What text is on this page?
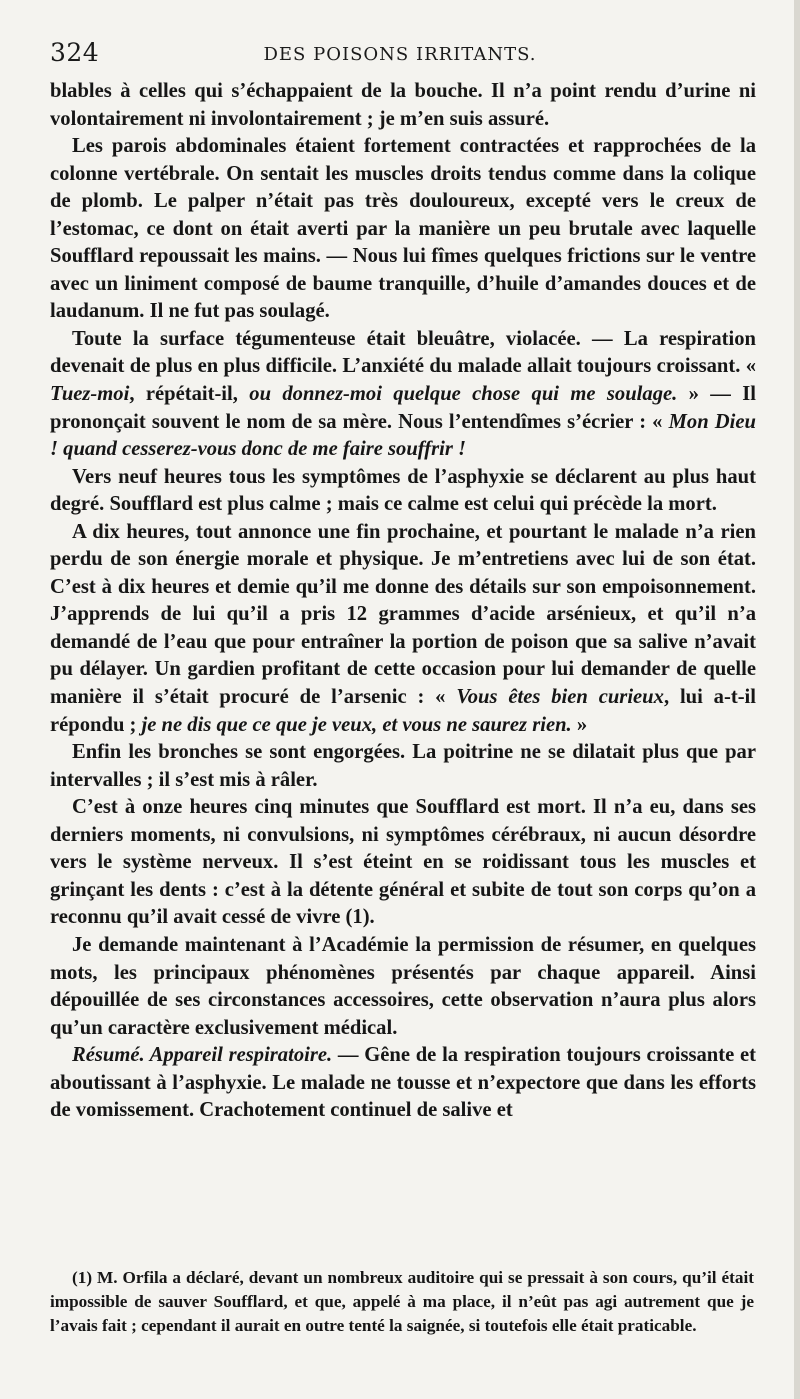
324	DES POISONS IRRITANTS.

blables à celles qui s’échappaient de la bouche. Il n’a point rendu d’urine ni volontairement ni involontairement ; je m’en suis assuré.

Les parois abdominales étaient fortement contractées et rapprochées de la colonne vertébrale. On sentait les muscles droits tendus comme dans la colique de plomb. Le palper n’était pas très douloureux, excepté vers le creux de l’estomac, ce dont on était averti par la manière un peu brutale avec laquelle Soufflard repoussait les mains. — Nous lui fîmes quelques frictions sur le ventre avec un liniment composé de baume tranquille, d’huile d’amandes douces et de laudanum. Il ne fut pas soulagé.

Toute la surface tégumenteuse était bleuâtre, violacée. — La respiration devenait de plus en plus difficile. L’anxiété du malade allait toujours croissant. « Tuez-moi, répétait-il, ou donnez-moi quelque chose qui me soulage. » — Il prononçait souvent le nom de sa mère. Nous l’entendîmes s’écrier : « Mon Dieu ! quand cesserez-vous donc de me faire souffrir !

Vers neuf heures tous les symptômes de l’asphyxie se déclarent au plus haut degré. Soufflard est plus calme ; mais ce calme est celui qui précède la mort.

A dix heures, tout annonce une fin prochaine, et pourtant le malade n’a rien perdu de son énergie morale et physique. Je m’entretiens avec lui de son état. C’est à dix heures et demie qu’il me donne des détails sur son empoisonnement. J’apprends de lui qu’il a pris 12 grammes d’acide arsénieux, et qu’il n’a demandé de l’eau que pour entraîner la portion de poison que sa salive n’avait pu délayer. Un gardien profitant de cette occasion pour lui demander de quelle manière il s’était procuré de l’arsenic : « Vous êtes bien curieux, lui a-t-il répondu ; je ne dis que ce que je veux, et vous ne saurez rien. »

Enfin les bronches se sont engorgées. La poitrine ne se dilatait plus que par intervalles ; il s’est mis à râler.

C’est à onze heures cinq minutes que Soufflard est mort. Il n’a eu, dans ses derniers moments, ni convulsions, ni symptômes cérébraux, ni aucun désordre vers le système nerveux. Il s’est éteint en se roidissant tous les muscles et grinçant les dents : c’est à la détente général et subite de tout son corps qu’on a reconnu qu’il avait cessé de vivre (1).

Je demande maintenant à l’Académie la permission de résumer, en quelques mots, les principaux phénomènes présentés par chaque appareil. Ainsi dépouillée de ses circonstances accessoires, cette observation n’aura plus alors qu’un caractère exclusivement médical.

Résumé. Appareil respiratoire. — Gêne de la respiration toujours croissante et aboutissant à l’asphyxie. Le malade ne tousse et n’expectore que dans les efforts de vomissement. Crachotement continuel de salive et

(1) M. Orfila a déclaré, devant un nombreux auditoire qui se pressait à son cours, qu’il était impossible de sauver Soufflard, et que, appelé à ma place, il n’eût pas agi autrement que je l’avais fait ; cependant il aurait en outre tenté la saignée, si toutefois elle était praticable.
